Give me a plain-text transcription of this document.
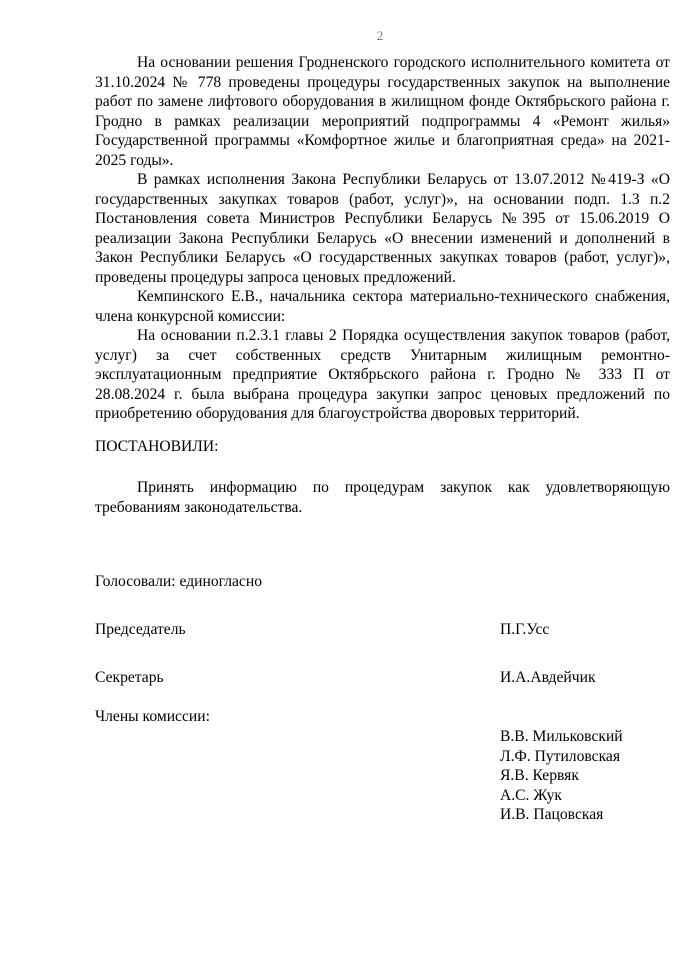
2

На основании решения Гродненского городского исполнительного комитета от 31.10.2024 № 778 проведены процедуры государственных закупок на выполнение работ по замене лифтового оборудования в жилищном фонде Октябрьского района г. Гродно в рамках реализации мероприятий подпрограммы 4 «Ремонт жилья» Государственной программы «Комфортное жилье и благоприятная среда» на 2021-2025 годы».

В рамках исполнения Закона Республики Беларусь от 13.07.2012 №419-З «О государственных закупках товаров (работ, услуг)», на основании подп. 1.3 п.2 Постановления совета Министров Республики Беларусь №395 от 15.06.2019 О реализации Закона Республики Беларусь «О внесении изменений и дополнений в Закон Республики Беларусь «О государственных закупках товаров (работ, услуг)», проведены процедуры запроса ценовых предложений.

Кемпинского Е.В., начальника сектора материально-технического снабжения, члена конкурсной комиссии:

На основании п.2.3.1 главы 2 Порядка осуществления закупок товаров (работ, услуг) за счет собственных средств Унитарным жилищным ремонтно-эксплуатационным предприятие Октябрьского района г. Гродно № 333 П от 28.08.2024 г. была выбрана процедура закупки запрос ценовых предложений по приобретению оборудования для благоустройства дворовых территорий.

ПОСТАНОВИЛИ:

Принять информацию по процедурам закупок как удовлетворяющую требованиям законодательства.

Голосовали: единогласно

Председатель	П.Г.Усс

Секретарь	И.А.Авдейчик

Члены комиссии:

В.В. Мильковский
Л.Ф. Путиловская
Я.В. Кервяк
А.С. Жук
И.В. Пацовская
